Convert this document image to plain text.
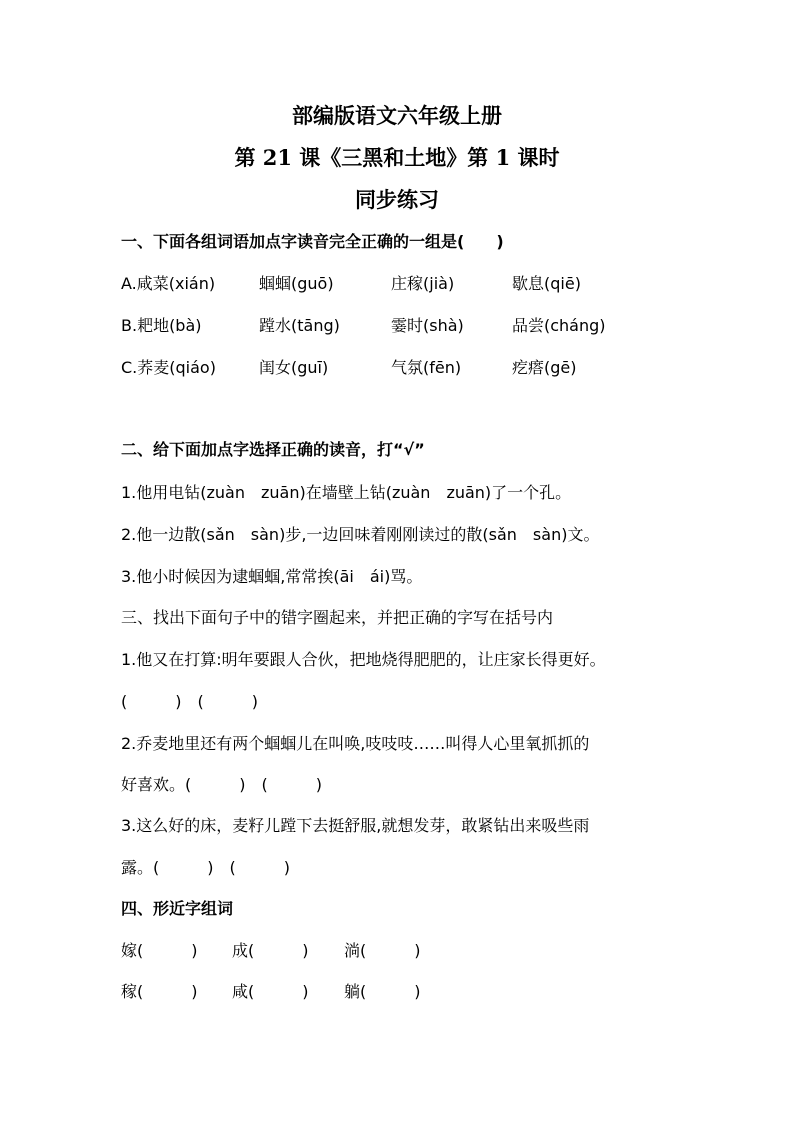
部编版语文六年级上册
第 21 课《三黑和土地》第 1 课时
同步练习
一、下面各组词语加点字读音完全正确的一组是(　　)
A.咸菜(xián)	蝈蝈(guō)	庄稼(jià)	歇息(qiē)
B.耙地(bà)	蹚水(tāng)	霎时(shà)	品尝(cháng)
C.荞麦(qiáo)	闺女(guī)	气氛(fēn)	疙瘩(gē)
二、给下面加点字选择正确的读音，打“√”
1.他用电钻(zuàn　zuān)在墙壁上钻(zuàn　zuān)了一个孔。
2.他一边散(sǎn　sàn)步,一边回味着刚刚读过的散(sǎn　sàn)文。
3.他小时候因为逮蝈蝈,常常挨(āi　ái)骂。
三、找出下面句子中的错字圈起来，并把正确的字写在括号内
1.他又在打算:明年要跟人合伙，把地烧得肥肥的，让庄家长得更好。
(　　　)　(　　　)
2.乔麦地里还有两个蝈蝈儿在叫唤,吱吱吱……叫得人心里氧抓抓的
好喜欢。(　　　)　(　　　)
3.这么好的床，麦籽儿蹚下去挺舒服,就想发芽，敢紧钻出来吸些雨
露。(　　　)　(　　　)
四、形近字组词
嫁(　　　) 成(　　　) 淌(　　　)
稼(　　　) 咸(　　　) 躺(　　　)
